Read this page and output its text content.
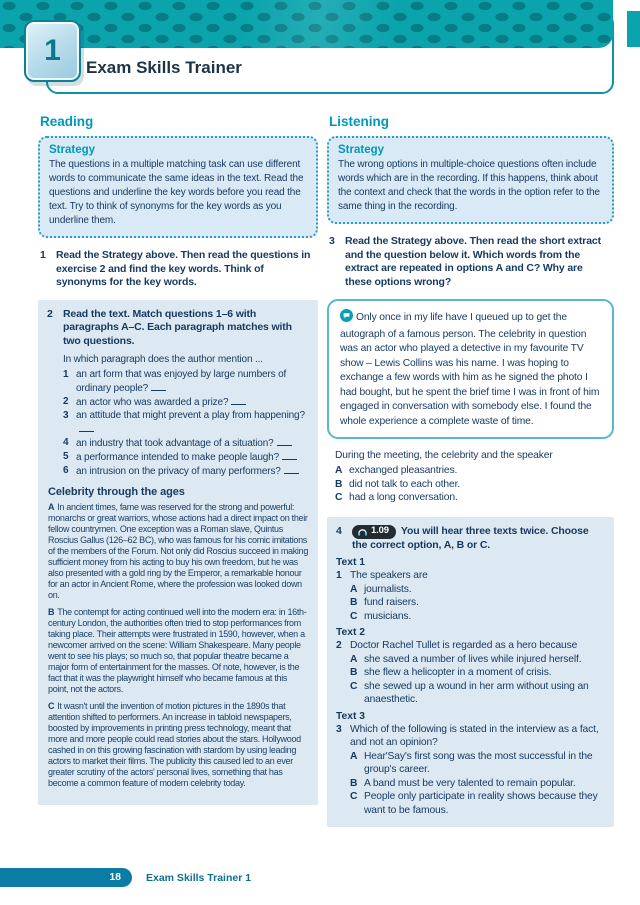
1
Exam Skills Trainer
Reading

Strategy

The questions in a multiple matching task can use different words to communicate the same ideas in the text. Read the questions and underline the key words before you read the text. Try to think of synonyms for the key words as you underline them.

1 Read the Strategy above. Then read the questions in exercise 2 and find the key words. Think of synonyms for the key words.

2 Read the text. Match questions 1–6 with paragraphs A–C. Each paragraph matches with two questions.

In which paragraph does the author mention ...

1 an art form that was enjoyed by large numbers of ordinary people?
2 an actor who was awarded a prize?
3 an attitude that might prevent a play from happening?
4 an industry that took advantage of a situation?
5 a performance intended to make people laugh?
6 an intrusion on the privacy of many performers?

Celebrity through the ages

A In ancient times, fame was reserved for the strong and powerful: monarchs or great warriors, whose actions had a direct impact on their fellow countrymen. One exception was a Roman slave, Quintus Roscius Gallus (126–62 BC), who was famous for his comic imitations of the members of the Forum. Not only did Roscius succeed in making sufficient money from his acting to buy his own freedom, but he was also presented with a gold ring by the Emperor, a remarkable honour for an actor in Ancient Rome, where the profession was looked down on.

B The contempt for acting continued well into the modern era: in 16th-century London, the authorities often tried to stop performances from taking place. Their attempts were frustrated in 1590, however, when a newcomer arrived on the scene: William Shakespeare. Many people went to see his plays; so much so, that popular theatre became a major form of entertainment for the masses. Of note, however, is the fact that it was the playwright himself who became famous at this point, not the actors.

C It wasn't until the invention of motion pictures in the 1890s that attention shifted to performers. An increase in tabloid newspapers, boosted by improvements in printing press technology, meant that more and more people could read stories about the stars. Hollywood cashed in on this growing fascination with stardom by using leading actors to market their films. The publicity this caused led to an ever greater scrutiny of the actors' personal lives, something that has become a common feature of modern celebrity today.

Listening

Strategy

The wrong options in multiple-choice questions often include words which are in the recording. If this happens, think about the context and check that the words in the option refer to the same thing in the recording.

3 Read the Strategy above. Then read the short extract and the question below it. Which words from the extract are repeated in options A and C? Why are these options wrong?

Only once in my life have I queued up to get the autograph of a famous person. The celebrity in question was an actor who played a detective in my favourite TV show – Lewis Collins was his name. I was hoping to exchange a few words with him as he signed the photo I had bought, but he spent the brief time I was in front of him engaged in conversation with somebody else. I found the whole experience a complete waste of time.

During the meeting, the celebrity and the speaker

A exchanged pleasantries.
B did not talk to each other.
C had a long conversation.
4	1.09 You will hear three texts twice. Choose the correct option, A, B or C.

Text 1

1 The speakers are
A journalists.
B fund raisers.
C musicians.

Text 2

2 Doctor Rachel Tullet is regarded as a hero because
A she saved a number of lives while injured herself.
B she flew a helicopter in a moment of crisis.
C she sewed up a wound in her arm without using an anaesthetic.

Text 3

3 Which of the following is stated in the interview as a fact, and not an opinion?
A Hear'Say's first song was the most successful in the group's career.
B A band must be very talented to remain popular.
C People only participate in reality shows because they want to be famous.
18	Exam Skills Trainer 1
